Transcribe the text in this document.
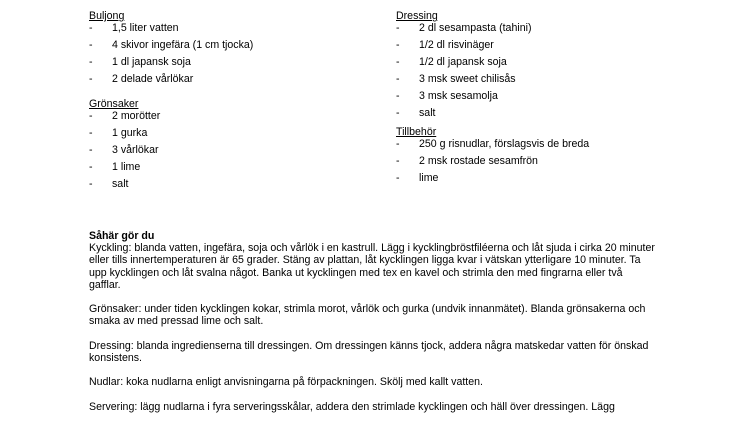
Buljong
- 1,5 liter vatten
- 4 skivor ingefära (1 cm tjocka)
- 1 dl japansk soja
- 2 delade vårlökar
Grönsaker
- 2 morötter
- 1 gurka
- 3 vårlökar
- 1 lime
- salt
Dressing
- 2 dl sesampasta (tahini)
- 1/2 dl risvinäger
- 1/2 dl japansk soja
- 3 msk sweet chilisås
- 3 msk sesamolja
- salt
Tillbehör
- 250 g risnudlar, förslagsvis de breda
- 2 msk rostade sesamfrön
- lime
Såhär gör du

Kyckling: blanda vatten, ingefära, soja och vårlök i en kastrull. Lägg i kycklingbröstfiléerna och låt sjuda i cirka 20 minuter eller tills innertemperaturen är 65 grader. Stäng av plattan, låt kycklingen ligga kvar i vätskan ytterligare 10 minuter. Ta upp kycklingen och låt svalna något. Banka ut kycklingen med tex en kavel och strimla den med fingrarna eller två gafflar.

Grönsaker: under tiden kycklingen kokar, strimla morot, vårlök och gurka (undvik innanmätet). Blanda grönsakerna och smaka av med pressad lime och salt.

Dressing: blanda ingredienserna till dressingen. Om dressingen känns tjock, addera några matskedar vatten för önskad konsistens.

Nudlar: koka nudlarna enligt anvisningarna på förpackningen. Skölj med kallt vatten.

Servering: lägg nudlarna i fyra serveringsskålar, addera den strimlade kycklingen och häll över dressingen. Lägg
